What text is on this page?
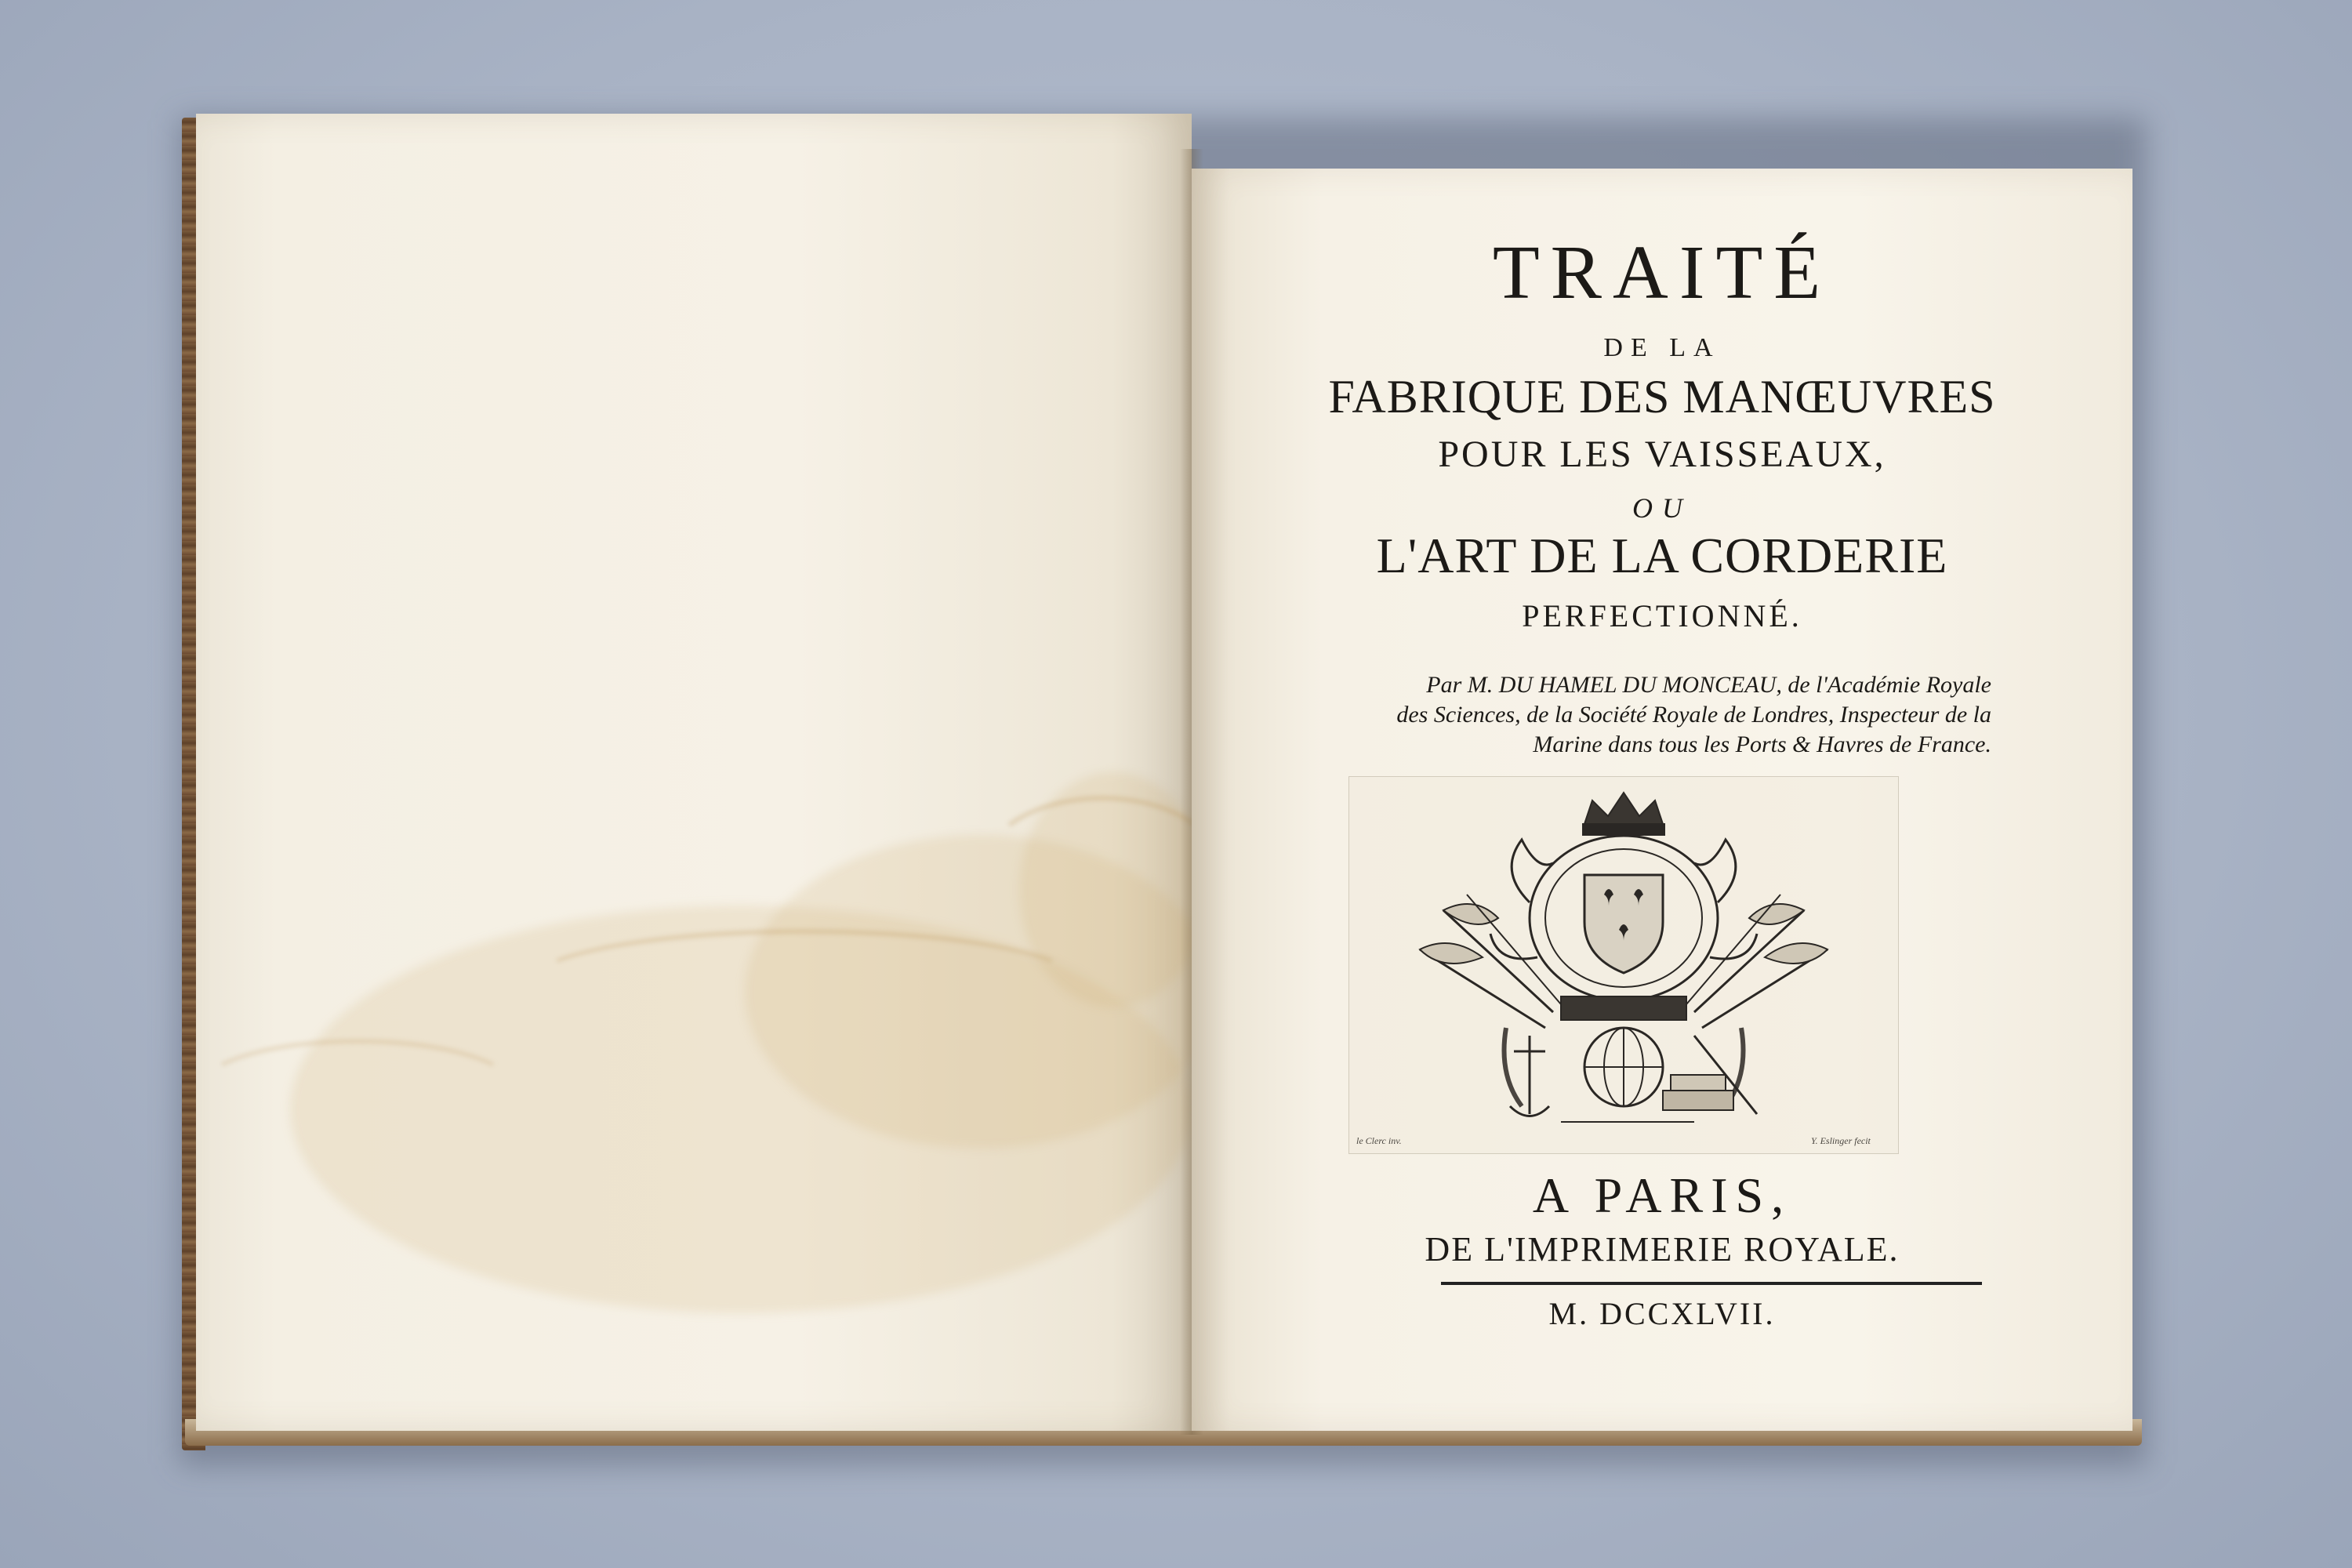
TRAITÉ
DE LA
FABRIQUE DES MANŒUVRES
POUR LES VAISSEAUX,
OU
L'ART DE LA CORDERIE
PERFECTIONNÉ.
Par M. DU HAMEL DU MONCEAU, de l'Académie Royale
des Sciences, de la Société Royale de Londres, Inspecteur de la
Marine dans tous les Ports & Havres de France.
le Clerc inv.	Y. Eslinger fecit
A PARIS,
DE L'IMPRIMERIE ROYALE.
M. DCCXLVII.
